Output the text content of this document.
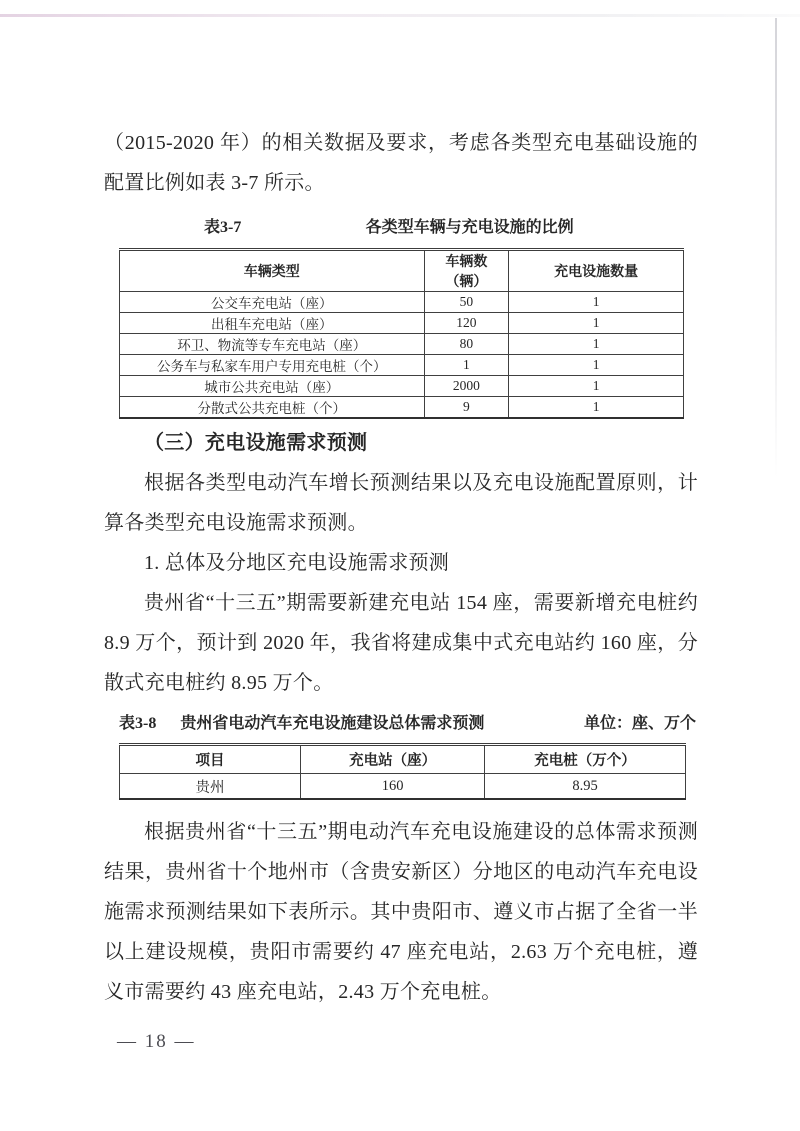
（2015-2020 年）的相关数据及要求，考虑各类型充电基础设施的配置比例如表 3-7 所示。

表3-7	各类型车辆与充电设施的比例
车辆类型	车辆数（辆）	充电设施数量
公交车充电站（座）	50	1
出租车充电站（座）	120	1
环卫、物流等专车充电站（座）	80	1
公务车与私家车用户专用充电桩（个）	1	1
城市公共充电站（座）	2000	1
分散式公共充电桩（个）	9	1

（三）充电设施需求预测

根据各类型电动汽车增长预测结果以及充电设施配置原则，计算各类型充电设施需求预测。

1. 总体及分地区充电设施需求预测

贵州省“十三五”期需要新建充电站 154 座，需要新增充电桩约 8.9 万个，预计到 2020 年，我省将建成集中式充电站约 160 座，分散式充电桩约 8.95 万个。

表3-8 贵州省电动汽车充电设施建设总体需求预测	单位：座、万个
项目	充电站（座）	充电桩（万个）
贵州	160	8.95

根据贵州省“十三五”期电动汽车充电设施建设的总体需求预测结果，贵州省十个地州市（含贵安新区）分地区的电动汽车充电设施需求预测结果如下表所示。其中贵阳市、遵义市占据了全省一半以上建设规模，贵阳市需要约 47 座充电站，2.63 万个充电桩，遵义市需要约 43 座充电站，2.43 万个充电桩。

— 18 —
